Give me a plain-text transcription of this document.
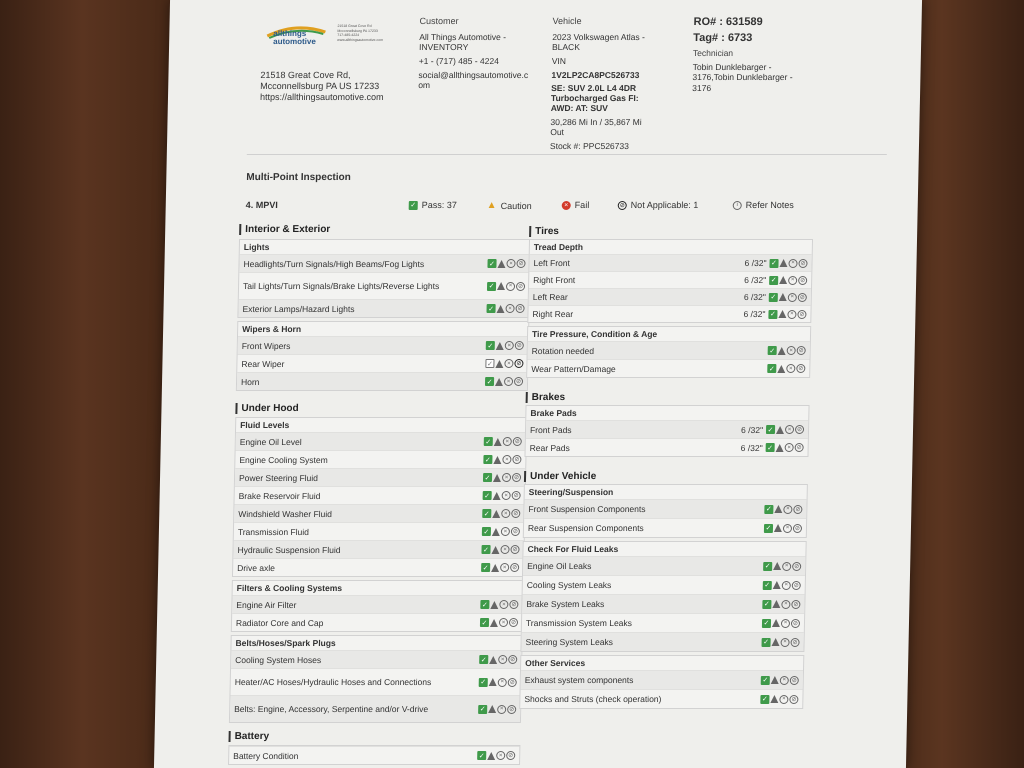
allthings
automotive
21518 Great Cove Rd
Mcconnellsburg PA 17233
717-485-4224
www.allthingsautomotive.com
21518 Great Cove Rd,
Mcconnellsburg PA US 17233
https://allthingsautomotive.com
Customer
All Things Automotive -
INVENTORY
+1 - (717) 485 - 4224
social@allthingsautomotive.c
om
Vehicle
2023 Volkswagen Atlas -
BLACK
VIN
1V2LP2CA8PC526733
SE: SUV 2.0L L4 4DR
Turbocharged Gas FI:
AWD: AT: SUV
30,286 Mi In / 35,867 Mi
Out
Stock #: PPC526733
RO# : 631589
Tag# : 6733
Technician
Tobin Dunklebarger -
3176,Tobin Dunklebarger -
3176
Multi-Point Inspection
4. MPVI	✓ Pass: 37	▲ Caution	× Fail	⊘ Not Applicable: 1	i Refer Notes
Interior & Exterior
Lights
Headlights/Turn Signals/High Beams/Fog Lights	✓	× ⊘
Tail Lights/Turn Signals/Brake Lights/Reverse Lights	✓	× ⊘
Exterior Lamps/Hazard Lights	✓	× ⊘
Wipers & Horn
Front Wipers	✓	× ⊘
Rear Wiper	✓	× ⊘
Horn	✓	× ⊘
Under Hood
Fluid Levels
Engine Oil Level	✓	× ⊘
Engine Cooling System	✓	× ⊘
Power Steering Fluid	✓	× ⊘
Brake Reservoir Fluid	✓	× ⊘
Windshield Washer Fluid	✓	× ⊘
Transmission Fluid	✓	× ⊘
Hydraulic Suspension Fluid	✓	× ⊘
Drive axle	✓	× ⊘
Filters & Cooling Systems
Engine Air Filter	✓	× ⊘
Radiator Core and Cap	✓	× ⊘
Belts/Hoses/Spark Plugs
Cooling System Hoses	✓	× ⊘
Heater/AC Hoses/Hydraulic Hoses and Connections	✓	× ⊘
Belts: Engine, Accessory, Serpentine and/or V-drive	✓	× ⊘
Battery
Battery Condition	✓	× ⊘
Tires
Tread Depth
Left Front	6 /32" ✓	× ⊘
Right Front	6 /32" ✓	× ⊘
Left Rear	6 /32" ✓	× ⊘
Right Rear	6 /32" ✓	× ⊘
Tire Pressure, Condition & Age
Rotation needed	✓	× ⊘
Wear Pattern/Damage	✓	× ⊘
Brakes
Brake Pads
Front Pads	6 /32" ✓	× ⊘
Rear Pads	6 /32" ✓	× ⊘
Under Vehicle
Steering/Suspension
Front Suspension Components	✓	× ⊘
Rear Suspension Components	✓	× ⊘
Check For Fluid Leaks
Engine Oil Leaks	✓	× ⊘
Cooling System Leaks	✓	× ⊘
Brake System Leaks	✓	× ⊘
Transmission System Leaks	✓	× ⊘
Steering System Leaks	✓	× ⊘
Other Services
Exhaust system components	✓	× ⊘
Shocks and Struts (check operation)	✓	× ⊘
